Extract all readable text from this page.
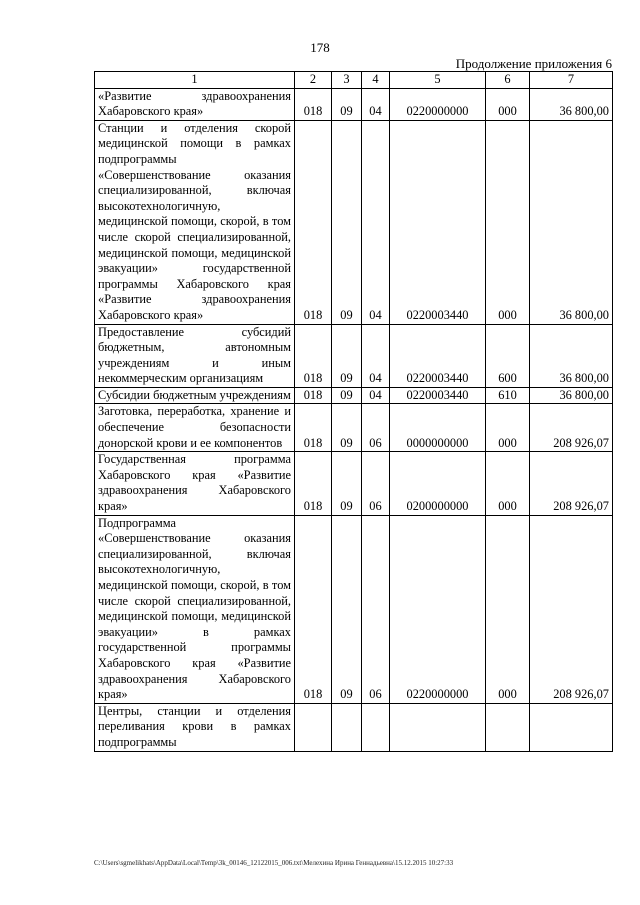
178
Продолжение приложения 6
1	2	3	4	5	6	7
«Развитие здравоохранения Хабаровского края»	018	09	04	0220000000	000	36 800,00
Станции и отделения скорой медицинской помощи в рамках подпрограммы «Совершенствование оказания специализированной, включая высокотехнологичную, медицинской помощи, скорой, в том числе скорой специализированной, медицинской помощи, медицинской эвакуации» государственной программы Хабаровского края «Развитие здравоохранения Хабаровского края»	018	09	04	0220003440	000	36 800,00
Предоставление субсидий бюджетным, автономным учреждениям и иным некоммерческим организациям	018	09	04	0220003440	600	36 800,00
Субсидии бюджетным учреждениям	018	09	04	0220003440	610	36 800,00
Заготовка, переработка, хранение и обеспечение безопасности донорской крови и ее компонентов	018	09	06	0000000000	000	208 926,07
Государственная программа Хабаровского края «Развитие здравоохранения Хабаровского края»	018	09	06	0200000000	000	208 926,07
Подпрограмма «Совершенствование оказания специализированной, включая высокотехнологичную, медицинской помощи, скорой, в том числе скорой специализированной, медицинской помощи, медицинской эвакуации» в рамках государственной программы Хабаровского края «Развитие здравоохранения Хабаровского края»	018	09	06	0220000000	000	208 926,07
Центры, станции и отделения переливания крови в рамках подпрограммы						
C:\Users\sgmelikhats\AppData\Local\Temp\3k_00146_12122015_006.txt\Мелехина Ирина Геннадьевна\15.12.2015 10:27:33
